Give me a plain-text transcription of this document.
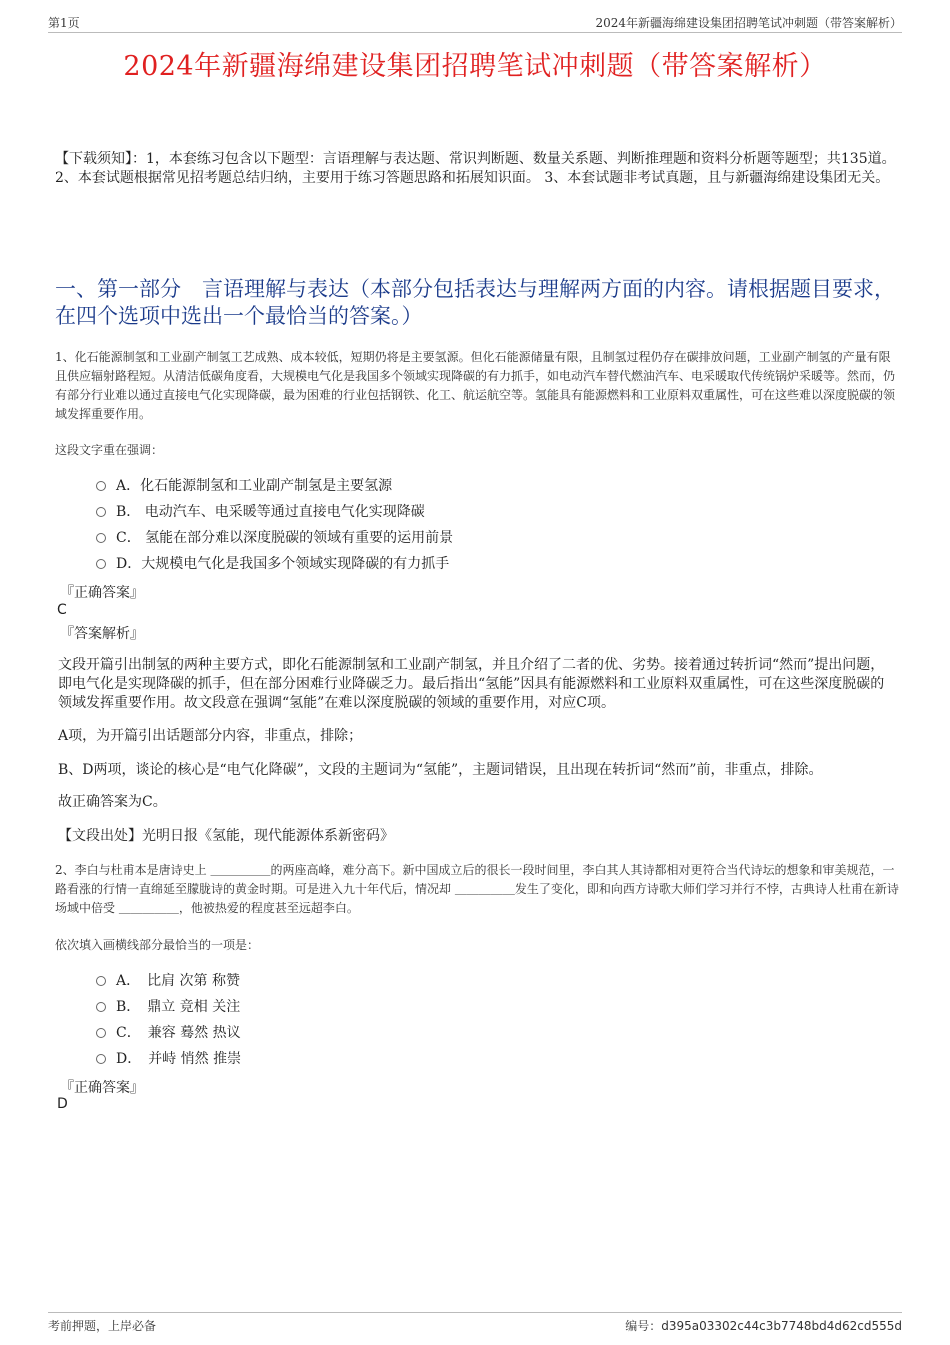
第1页	2024年新疆海绵建设集团招聘笔试冲刺题（带答案解析）
2024年新疆海绵建设集团招聘笔试冲刺题（带答案解析）
【下载须知】：1，本套练习包含以下题型：言语理解与表达题、常识判断题、数量关系题、判断推理题和资料分析题等题型；共135道。 2、本套试题根据常见招考题总结归纳，主要用于练习答题思路和拓展知识面。 3、本套试题非考试真题，且与新疆海绵建设集团无关。
一、第一部分　言语理解与表达（本部分包括表达与理解两方面的内容。请根据题目要求，在四个选项中选出一个最恰当的答案。）
1、化石能源制氢和工业副产制氢工艺成熟、成本较低，短期仍将是主要氢源。但化石能源储量有限，且制氢过程仍存在碳排放问题，工业副产制氢的产量有限且供应辐射路程短。从清洁低碳角度看，大规模电气化是我国多个领域实现降碳的有力抓手，如电动汽车替代燃油汽车、电采暖取代传统锅炉采暖等。然而，仍有部分行业难以通过直接电气化实现降碳，最为困难的行业包括钢铁、化工、航运航空等。氢能具有能源燃料和工业原料双重属性，可在这些难以深度脱碳的领域发挥重要作用。
这段文字重在强调：
A．化石能源制氢和工业副产制氢是主要氢源
B． 电动汽车、电采暖等通过直接电气化实现降碳
C． 氢能在部分难以深度脱碳的领域有重要的运用前景
D．大规模电气化是我国多个领域实现降碳的有力抓手
『正确答案』
C
『答案解析』
文段开篇引出制氢的两种主要方式，即化石能源制氢和工业副产制氢，并且介绍了二者的优、劣势。接着通过转折词“然而”提出问题，即电气化是实现降碳的抓手，但在部分困难行业降碳乏力。最后指出“氢能”因具有能源燃料和工业原料双重属性，可在这些深度脱碳的领域发挥重要作用。故文段意在强调“氢能”在难以深度脱碳的领域的重要作用，对应C项。
A项，为开篇引出话题部分内容，非重点，排除；
B、D两项，谈论的核心是“电气化降碳”，文段的主题词为“氢能”，主题词错误，且出现在转折词“然而”前，非重点，排除。
故正确答案为C。
【文段出处】光明日报《氢能，现代能源体系新密码》
2、李白与杜甫本是唐诗史上 ＿＿＿＿＿的两座高峰，难分高下。新中国成立后的很长一段时间里，李白其人其诗都相对更符合当代诗坛的想象和审美规范，一路看涨的行情一直绵延至朦胧诗的黄金时期。可是进入九十年代后，情况却 ＿＿＿＿＿发生了变化，即和向西方诗歌大师们学习并行不悖，古典诗人杜甫在新诗场域中倍受 ＿＿＿＿＿，他被热爱的程度甚至远超李白。
依次填入画横线部分最恰当的一项是：
A．　比肩 次第 称赞
B．　鼎立 竞相 关注
C．　兼容 蓦然 热议
D．　并峙 悄然 推崇
『正确答案』
D
考前押题，上岸必备	编号：d395a03302c44c3b7748bd4d62cd555d
